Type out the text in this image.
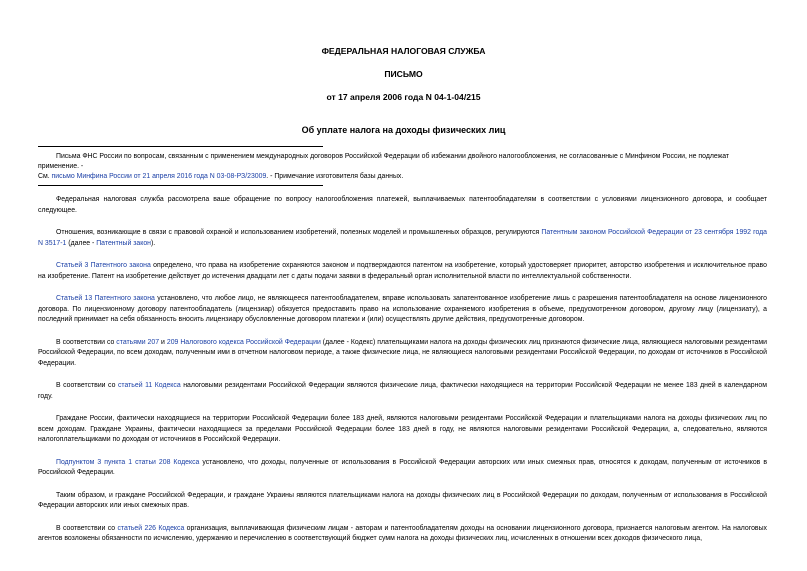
ФЕДЕРАЛЬНАЯ НАЛОГОВАЯ СЛУЖБА

ПИСЬМО

от 17 апреля 2006 года N 04-1-04/215

Об уплате налога на доходы физических лиц

Письма ФНС России по вопросам, связанным с применением международных договоров Российской Федерации об избежании двойного налогообложения, не согласованные с Минфином России, не подлежат применение. -
См. письмо Минфина России от 21 апреля 2016 года N 03-08-РЗ/23009. - Примечание изготовителя базы данных.

Федеральная налоговая служба рассмотрела ваше обращение по вопросу налогообложения платежей, выплачиваемых патентообладателям в соответствии с условиями лицензионного договора, и сообщает следующее.

Отношения, возникающие в связи с правовой охраной и использованием изобретений, полезных моделей и промышленных образцов, регулируются Патентным законом Российской Федерации от 23 сентября 1992 года N 3517-1 (далее - Патентный закон).

Статьей 3 Патентного закона определено, что права на изобретение охраняются законом и подтверждаются патентом на изобретение, который удостоверяет приоритет, авторство изобретения и исключительное право на изобретение. Патент на изобретение действует до истечения двадцати лет с даты подачи заявки в федеральный орган исполнительной власти по интеллектуальной собственности.

Статьей 13 Патентного закона установлено, что любое лицо, не являющееся патентообладателем, вправе использовать запатентованное изобретение лишь с разрешения патентообладателя на основе лицензионного договора. По лицензионному договору патентообладатель (лицензиар) обязуется предоставить право на использование охраняемого изобретения в объеме, предусмотренном договором, другому лицу (лицензиату), а последний принимает на себя обязанность вносить лицензиару обусловленные договором платежи и (или) осуществлять другие действия, предусмотренные договором.

В соответствии со статьями 207 и 209 Налогового кодекса Российской Федерации (далее - Кодекс) плательщиками налога на доходы физических лиц признаются физические лица, являющиеся налоговыми резидентами Российской Федерации, по всем доходам, полученным ими в отчетном налоговом периоде, а также физические лица, не являющиеся налоговыми резидентами Российской Федерации, по доходам от источников в Российской Федерации.

В соответствии со статьей 11 Кодекса налоговыми резидентами Российской Федерации являются физические лица, фактически находящиеся на территории Российской Федерации не менее 183 дней в календарном году.

Граждане России, фактически находящиеся на территории Российской Федерации более 183 дней, являются налоговыми резидентами Российской Федерации и плательщиками налога на доходы физических лиц по всем доходам. Граждане Украины, фактически находящиеся за пределами Российской Федерации более 183 дней в году, не являются налоговыми резидентами Российской Федерации, а, следовательно, являются налогоплательщиками по доходам от источников в Российской Федерации.

Подпунктом 3 пункта 1 статьи 208 Кодекса установлено, что доходы, полученные от использования в Российской Федерации авторских или иных смежных прав, относятся к доходам, полученным от источников в Российской Федерации.

Таким образом, и граждане Российской Федерации, и граждане Украины являются плательщиками налога на доходы физических лиц в Российской Федерации по доходам, полученным от использования в Российской Федерации авторских или иных смежных прав.

В соответствии со статьей 226 Кодекса организация, выплачивающая физическим лицам - авторам и патентообладателям доходы на основании лицензионного договора, признается налоговым агентом. На налоговых агентов возложены обязанности по исчислению, удержанию и перечислению в соответствующий бюджет сумм налога на доходы физических лиц, исчисленных в отношении всех доходов физического лица,
